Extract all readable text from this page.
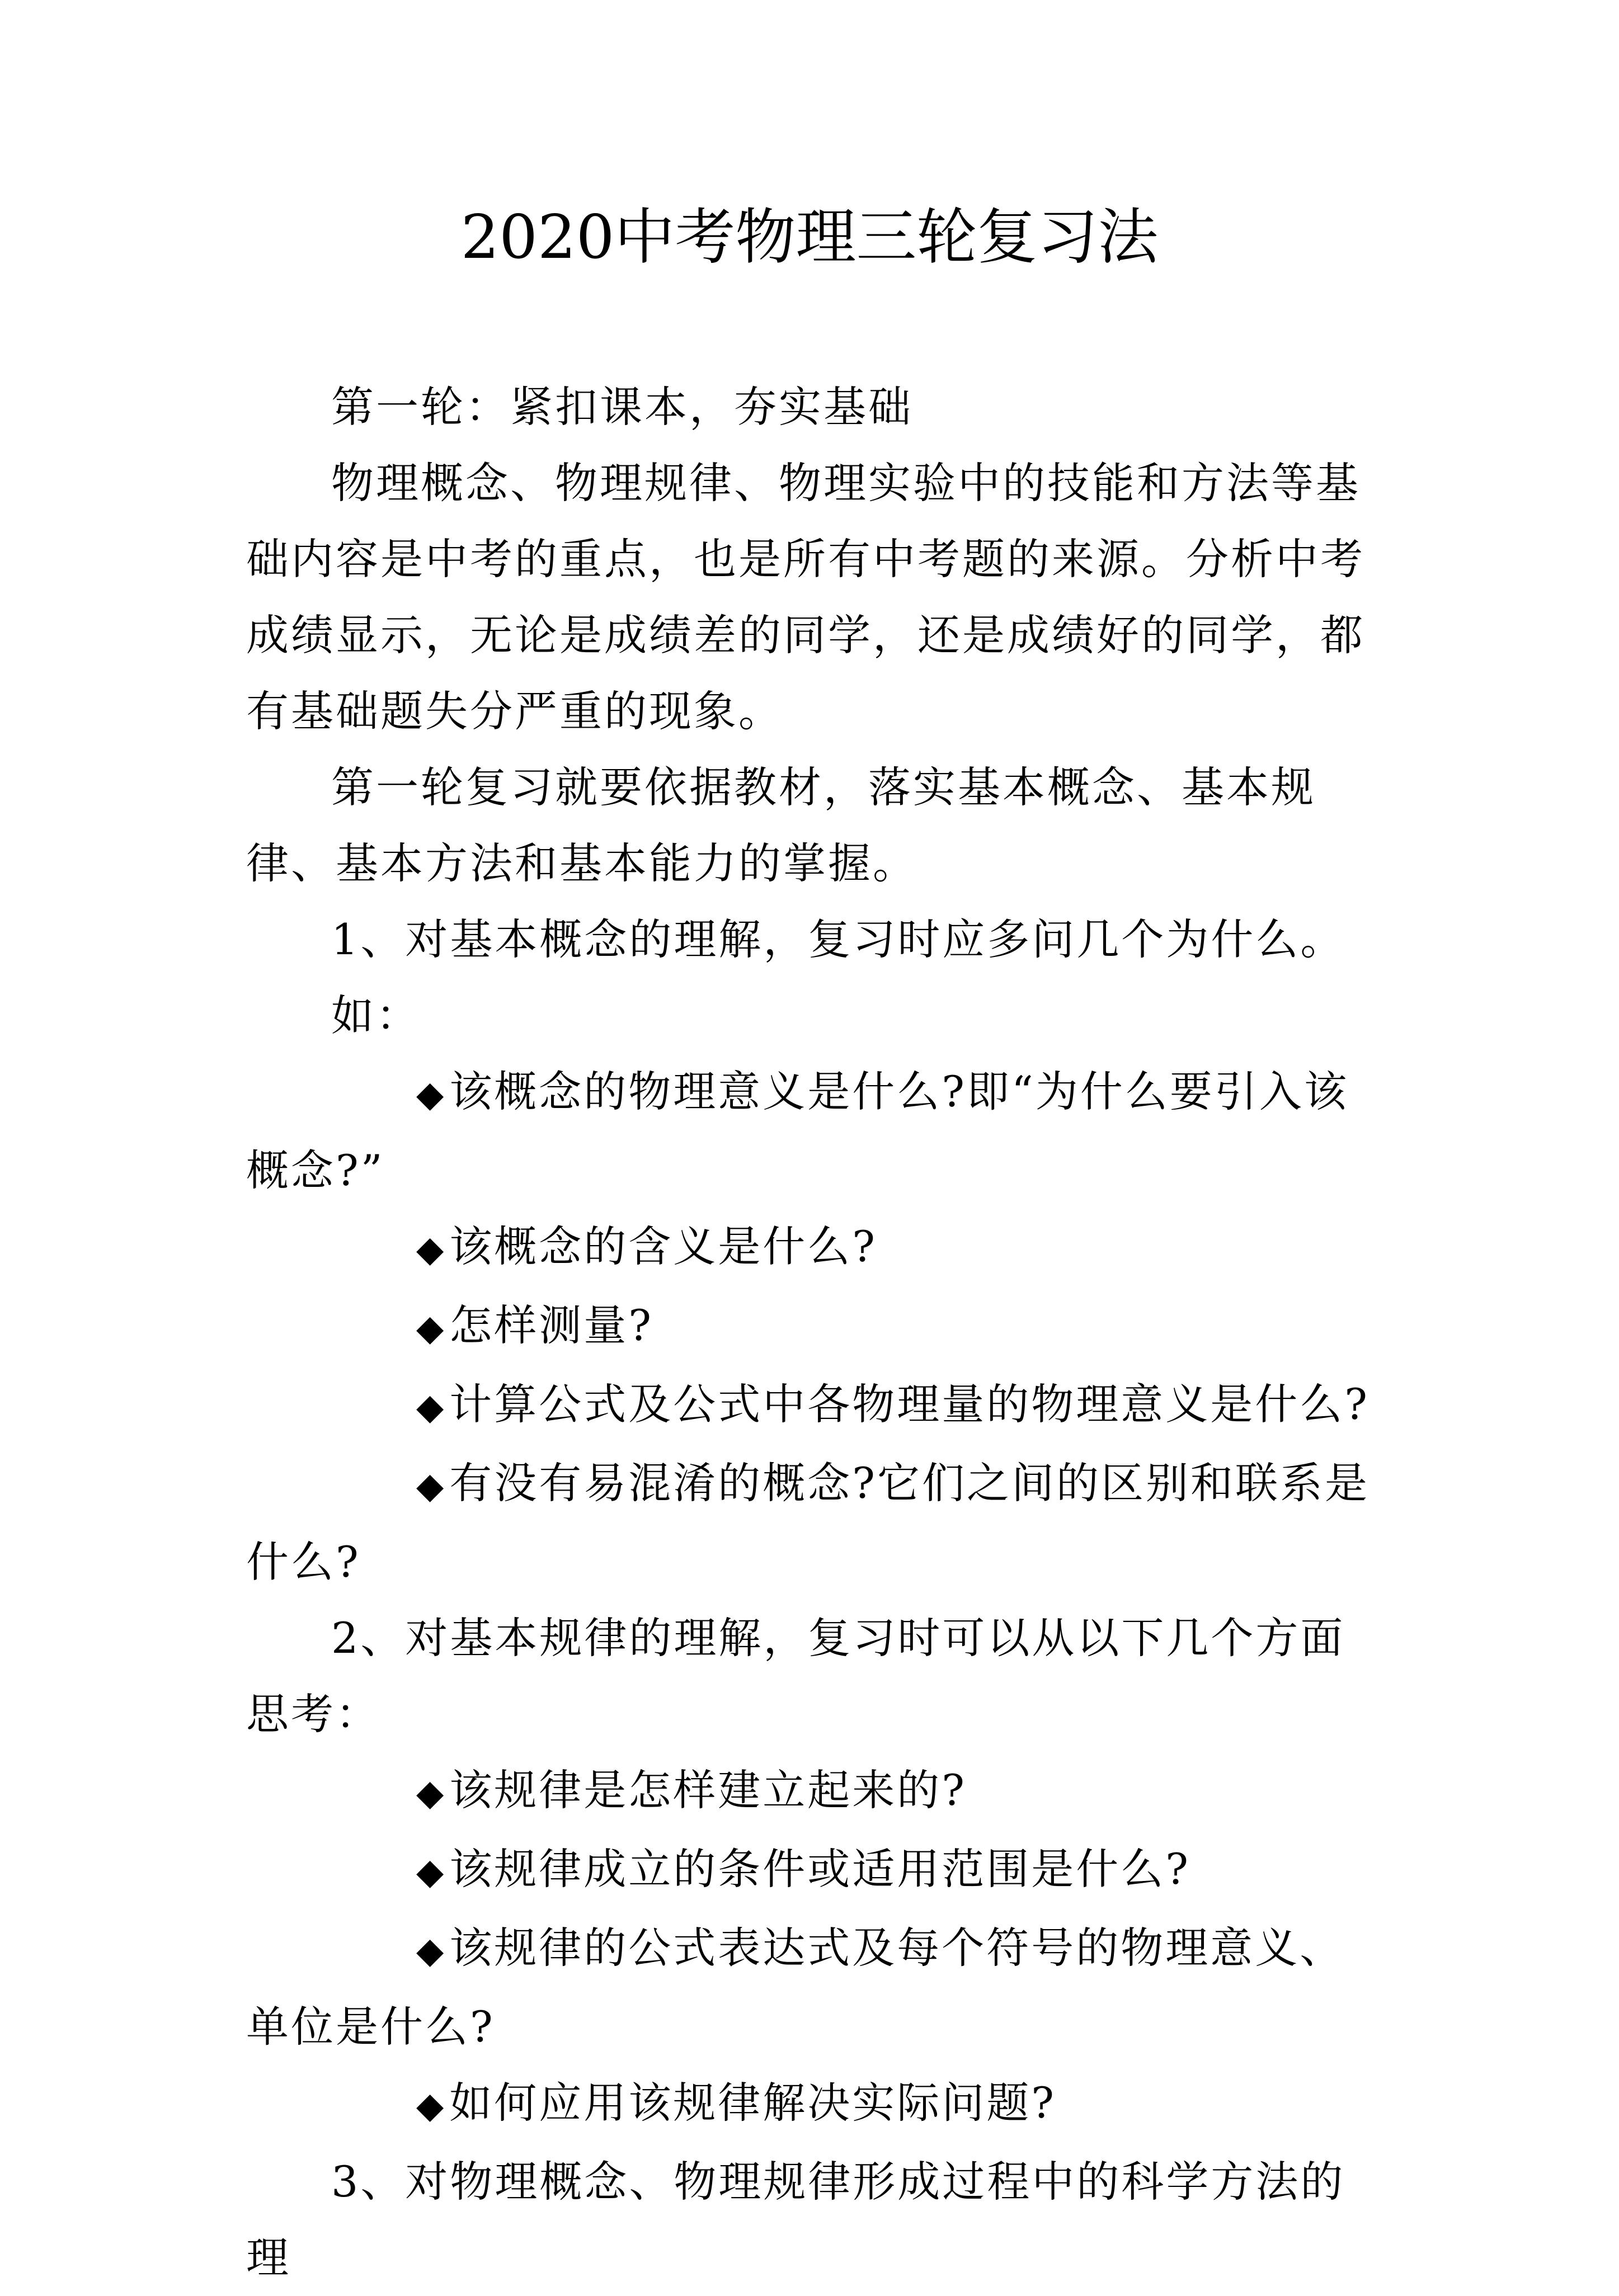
2020中考物理三轮复习法

第一轮：紧扣课本，夯实基础

物理概念、物理规律、物理实验中的技能和方法等基础内容是中考的重点，也是所有中考题的来源。分析中考成绩显示，无论是成绩差的同学，还是成绩好的同学，都有基础题失分严重的现象。

第一轮复习就要依据教材，落实基本概念、基本规律、基本方法和基本能力的掌握。

1、对基本概念的理解，复习时应多问几个为什么。

如：

◆该概念的物理意义是什么?即“为什么要引入该概念?”

◆该概念的含义是什么?

◆怎样测量?

◆计算公式及公式中各物理量的物理意义是什么?

◆有没有易混淆的概念?它们之间的区别和联系是什么?

2、对基本规律的理解，复习时可以从以下几个方面思考：

◆该规律是怎样建立起来的?

◆该规律成立的条件或适用范围是什么?

◆该规律的公式表达式及每个符号的物理意义、单位是什么?

◆如何应用该规律解决实际问题?

3、对物理概念、物理规律形成过程中的科学方法的理
